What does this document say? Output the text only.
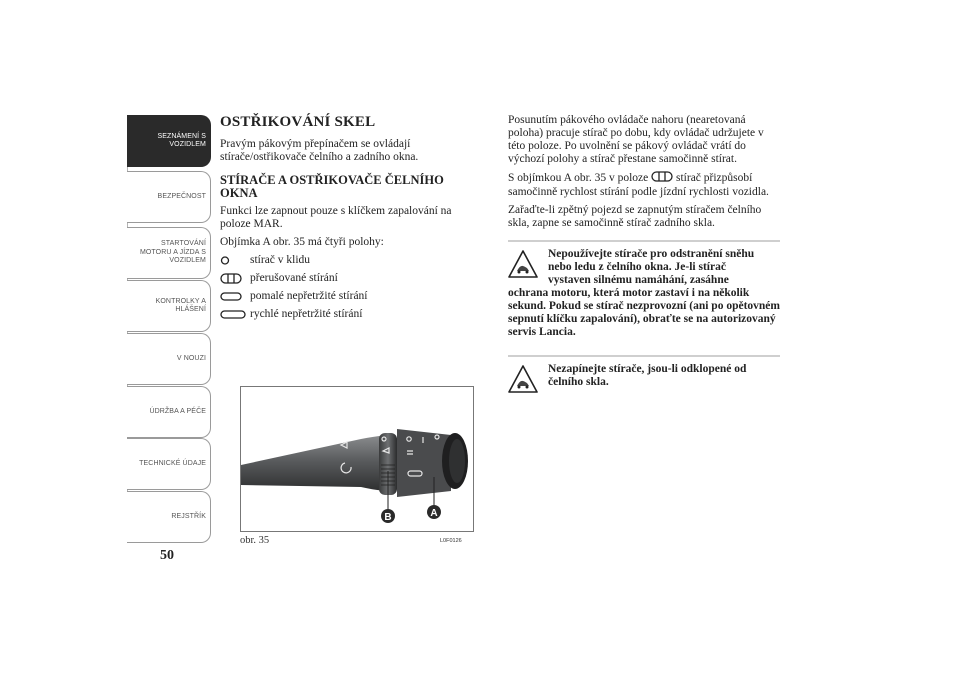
SEZNÁMENÍ S VOZIDLEM
BEZPEČNOST
STARTOVÁNÍ MOTORU A JÍZDA S VOZIDLEM
KONTROLKY A HLÁŠENÍ
V NOUZI
ÚDRŽBA A PÉČE
TECHNICKÉ ÚDAJE
REJSTŘÍK
50
OSTŘIKOVÁNÍ SKEL

Pravým pákovým přepínačem se ovládají stírače/ostřikovače čelního a zadního okna.

STÍRAČE A OSTŘIKOVAČE ČELNÍHO OKNA

Funkci lze zapnout pouze s klíčkem zapalování na poloze MAR.

Objímka A obr. 35 má čtyři polohy:

stírač v klidu
přerušované stírání
pomalé nepřetržité stírání
rychlé nepřetržité stírání
B	A
obr. 35	L0F0126

Posunutím pákového ovládače nahoru (nearetovaná poloha) pracuje stírač po dobu, kdy ovládač udržujete v této poloze. Po uvolnění se pákový ovládač vrátí do výchozí polohy a stírač přestane samočinně stírat.

S objímkou A obr. 35 v poloze stírač přizpůsobí samočinně rychlost stírání podle jízdní rychlosti vozidla.

Zařaďte-li zpětný pojezd se zapnutým stíračem čelního skla, zapne se samočinně stírač zadního skla.

Nepoužívejte stírače pro odstranění sněhu
nebo ledu z čelního okna. Je-li stírač
vystaven silnému namáhání, zasáhne
ochrana motoru, která motor zastaví i na několik sekund. Pokud se stírač nezprovozní (ani po opětovném sepnutí klíčku zapalování), obraťte se na autorizovaný servis Lancia.
Nezapínejte stírače, jsou-li odklopené od
čelního skla.
